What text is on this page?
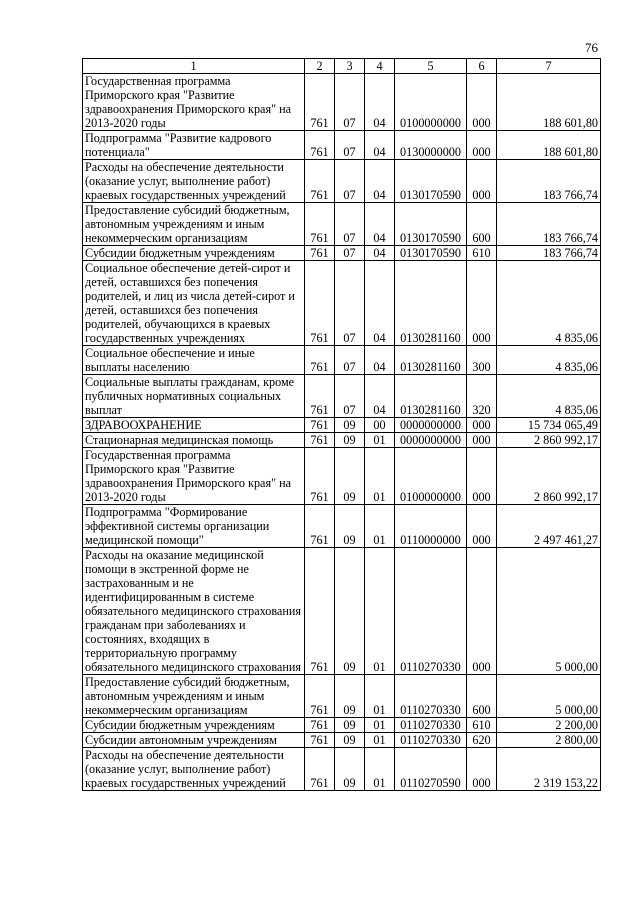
76
1	2	3	4	5	6	7
Государственная программа Приморского края "Развитие здравоохранения Приморского края" на 2013-2020 годы	761	07	04	0100000000	000	188 601,80
Подпрограмма "Развитие кадрового потенциала"	761	07	04	0130000000	000	188 601,80
Расходы на обеспечение деятельности (оказание услуг, выполнение работ) краевых государственных учреждений	761	07	04	0130170590	000	183 766,74
Предоставление субсидий бюджетным, автономным учреждениям и иным некоммерческим организациям	761	07	04	0130170590	600	183 766,74
Субсидии бюджетным учреждениям	761	07	04	0130170590	610	183 766,74
Социальное обеспечение детей-сирот и детей, оставшихся без попечения родителей, и лиц из числа детей-сирот и детей, оставшихся без попечения родителей, обучающихся в краевых государственных учреждениях	761	07	04	0130281160	000	4 835,06
Социальное обеспечение и иные выплаты населению	761	07	04	0130281160	300	4 835,06
Социальные выплаты гражданам, кроме публичных нормативных социальных выплат	761	07	04	0130281160	320	4 835,06
ЗДРАВООХРАНЕНИЕ	761	09	00	0000000000	000	15 734 065,49
Стационарная медицинская помощь	761	09	01	0000000000	000	2 860 992,17
Государственная программа Приморского края "Развитие здравоохранения Приморского края" на 2013-2020 годы	761	09	01	0100000000	000	2 860 992,17
Подпрограмма "Формирование эффективной системы организации медицинской помощи"	761	09	01	0110000000	000	2 497 461,27
Расходы на оказание медицинской помощи в экстренной форме не застрахованным и не идентифицированным в системе обязательного медицинского страхования гражданам при заболеваниях и состояниях, входящих в территориальную программу обязательного медицинского страхования	761	09	01	0110270330	000	5 000,00
Предоставление субсидий бюджетным, автономным учреждениям и иным некоммерческим организациям	761	09	01	0110270330	600	5 000,00
Субсидии бюджетным учреждениям	761	09	01	0110270330	610	2 200,00
Субсидии автономным учреждениям	761	09	01	0110270330	620	2 800,00
Расходы на обеспечение деятельности (оказание услуг, выполнение работ) краевых государственных учреждений	761	09	01	0110270590	000	2 319 153,22
